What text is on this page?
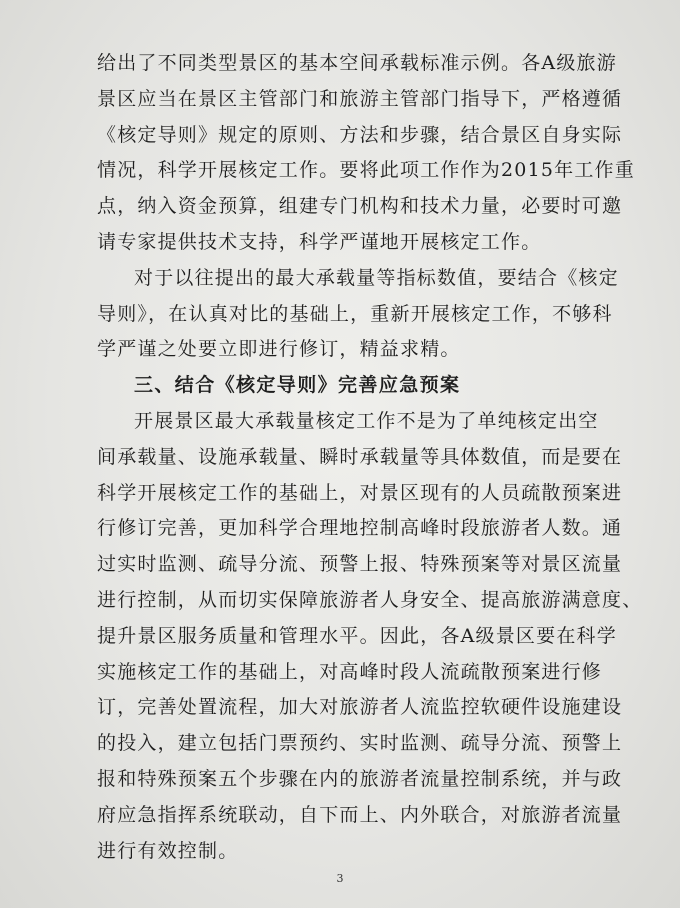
给出了不同类型景区的基本空间承载标准示例。各A级旅游
景区应当在景区主管部门和旅游主管部门指导下，严格遵循
《核定导则》规定的原则、方法和步骤，结合景区自身实际
情况，科学开展核定工作。要将此项工作作为2015年工作重
点，纳入资金预算，组建专门机构和技术力量，必要时可邀
请专家提供技术支持，科学严谨地开展核定工作。
对于以往提出的最大承载量等指标数值，要结合《核定
导则》，在认真对比的基础上，重新开展核定工作，不够科
学严谨之处要立即进行修订，精益求精。
三、结合《核定导则》完善应急预案
开展景区最大承载量核定工作不是为了单纯核定出空
间承载量、设施承载量、瞬时承载量等具体数值，而是要在
科学开展核定工作的基础上，对景区现有的人员疏散预案进
行修订完善，更加科学合理地控制高峰时段旅游者人数。通
过实时监测、疏导分流、预警上报、特殊预案等对景区流量
进行控制，从而切实保障旅游者人身安全、提高旅游满意度、
提升景区服务质量和管理水平。因此，各A级景区要在科学
实施核定工作的基础上，对高峰时段人流疏散预案进行修
订，完善处置流程，加大对旅游者人流监控软硬件设施建设
的投入，建立包括门票预约、实时监测、疏导分流、预警上
报和特殊预案五个步骤在内的旅游者流量控制系统，并与政
府应急指挥系统联动，自下而上、内外联合，对旅游者流量
进行有效控制。
3
